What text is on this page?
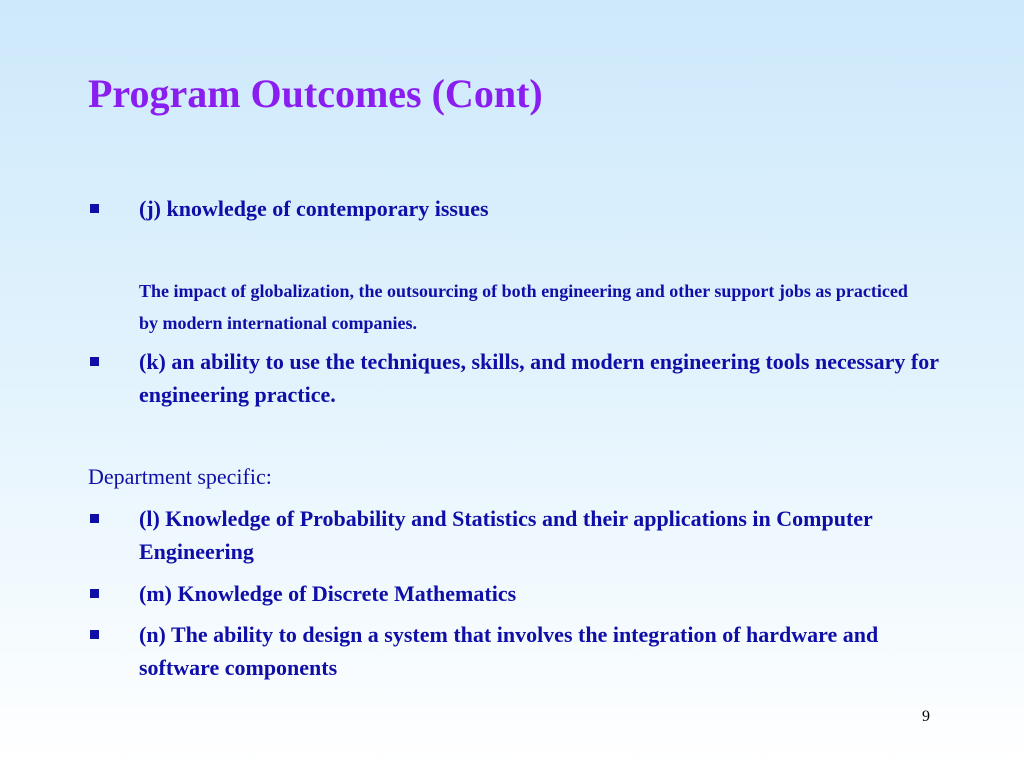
Program Outcomes (Cont)
(j) knowledge of contemporary issues
The impact of globalization, the outsourcing of both engineering and other support jobs as practiced by modern international companies.
(k) an ability to use the techniques, skills, and modern engineering tools necessary for engineering practice.
Department specific:
(l) Knowledge of Probability and Statistics and their applications in Computer Engineering
(m) Knowledge of Discrete Mathematics
(n) The ability to design a system that involves the integration of hardware and software components
9
